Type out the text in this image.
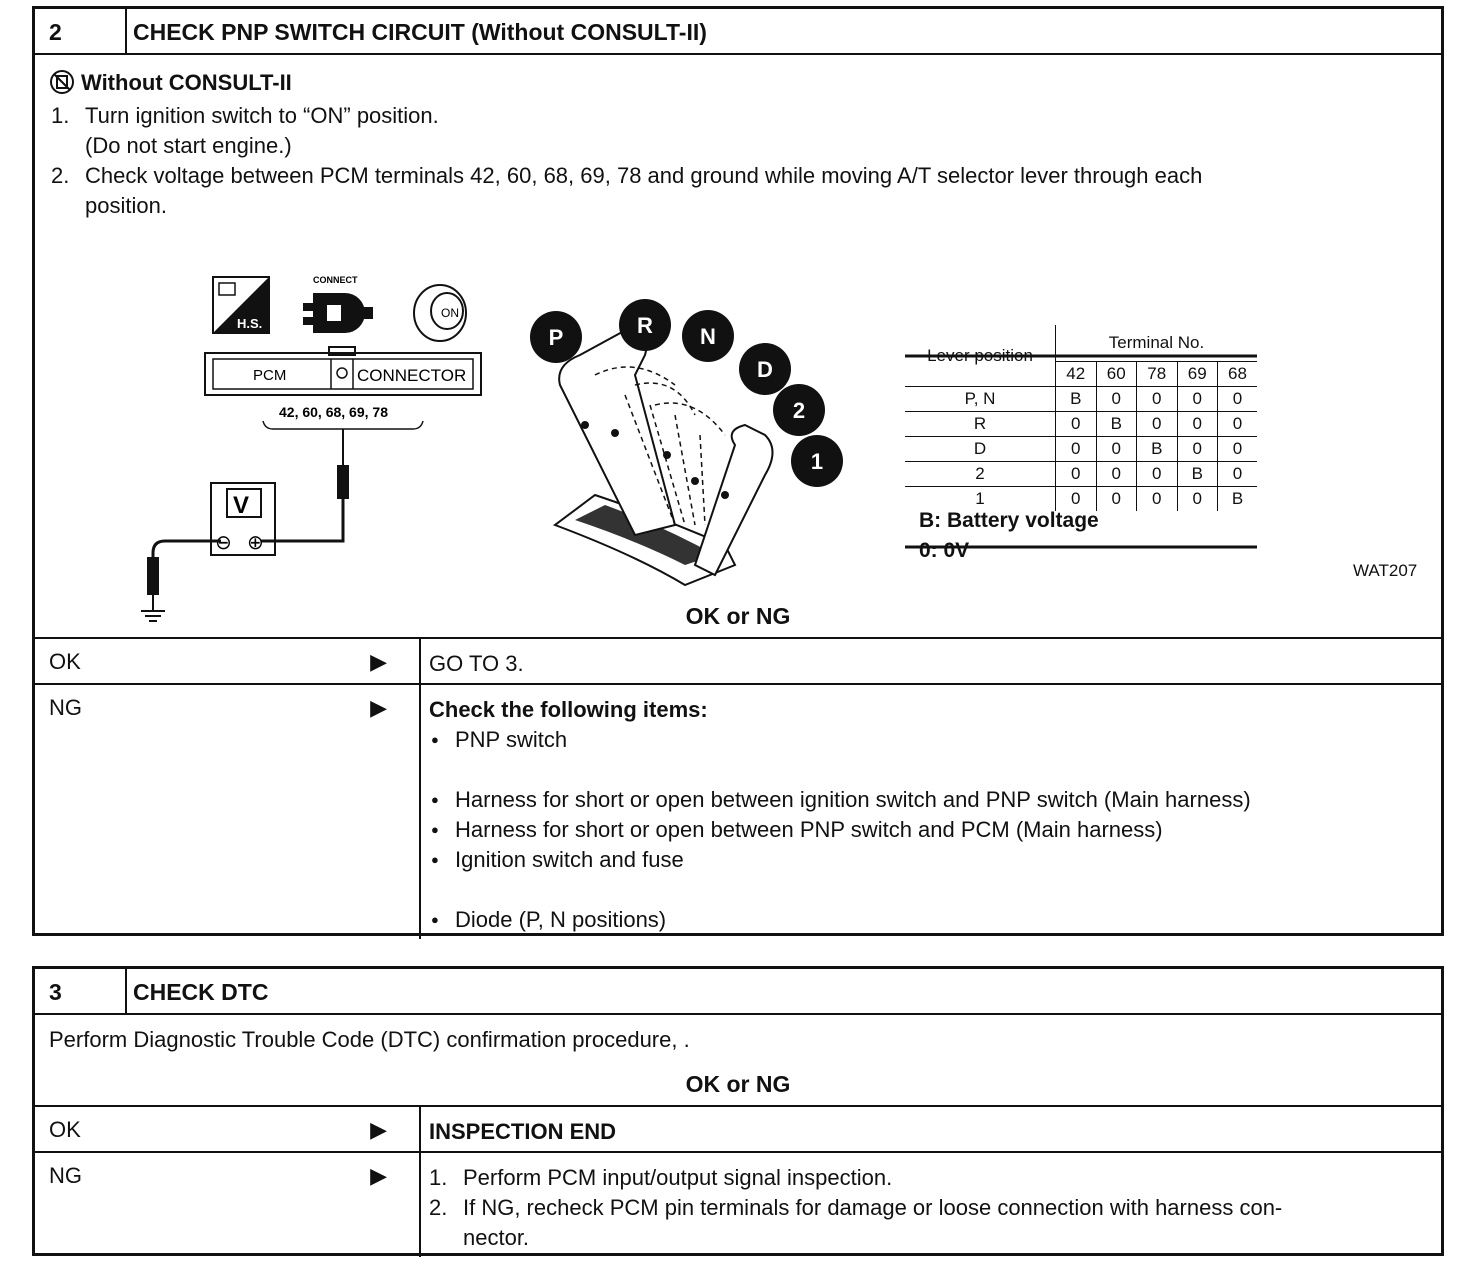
2	CHECK PNP SWITCH CIRCUIT (Without CONSULT-II)
Without CONSULT-II
1. Turn ignition switch to “ON” position.
(Do not start engine.)
2. Check voltage between PCM terminals 42, 60, 68, 69, 78 and ground while moving A/T selector lever through each
position.
H.S.
CONNECT
ON
PCM	CONNECTOR
42, 60, 68, 69, 78
V
⊖ ⊕
P	R N
D
2
1
Lever position	Terminal No.				
	42	60	78	69	68
P, N	B	0	0	0	0
R	0	B	0	0	0
D	0	0	B	0	0
2	0	0	0	B	0
1	0	0	0	0	B
B: Battery voltage
0: 0V
WAT207
OK or NG
OK	▶	GO TO 3.
NG	▶ Check the following items:
● PNP switch
● Harness for short or open between ignition switch and PNP switch (Main harness)
● Harness for short or open between PNP switch and PCM (Main harness)
● Ignition switch and fuse
● Diode (P, N positions)
3	CHECK DTC
Perform Diagnostic Trouble Code (DTC) confirmation procedure, .
OK or NG
OK	▶	INSPECTION END
NG	▶ 1. Perform PCM input/output signal inspection.
2. If NG, recheck PCM pin terminals for damage or loose connection with harness con-
nector.
